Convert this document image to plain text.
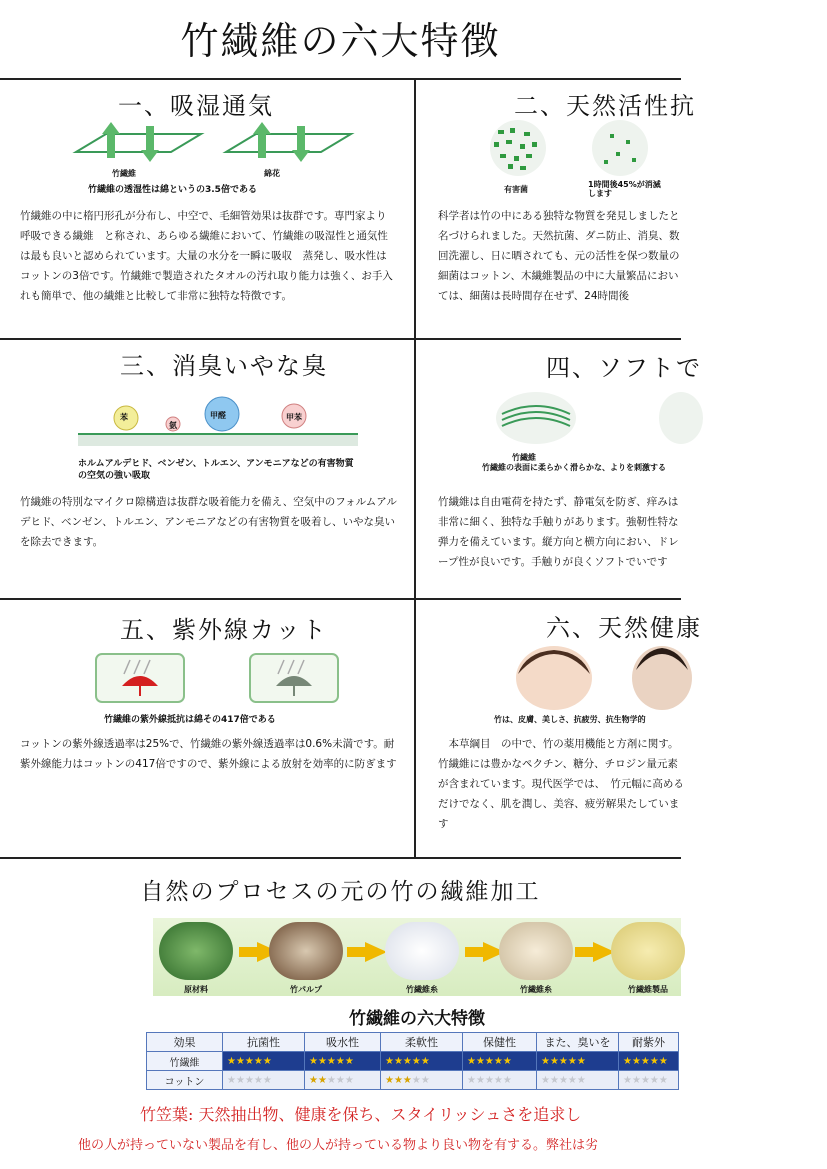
竹繊維の六大特徴
一、吸湿通気
竹繊維	綿花
竹繊維の透湿性は綿というの3.5倍である
竹繊維の中に楕円形孔が分布し、中空で、毛細管効果は抜群です。専門家より　呼吸できる繊維　と称され、あらゆる繊維において、竹繊維の吸湿性と通気性は最も良いと認められています。大量の水分を一瞬に吸収　蒸発し、吸水性はコットンの3倍です。竹繊維で製造されたタオルの汚れ取り能力は強く、お手入れも簡単で、他の繊維と比較して非常に独特な特徴です。
二、天然活性抗
有害菌
1時間後45%が消滅します
科学者は竹の中にある独特な物質を発見しましたと名づけられました。天然抗菌、ダニ防止、消臭、数回洗濯し、日に晒されても、元の活性を保つ数量の細菌はコットン、木繊維製品の中に大量繁品においては、細菌は長時間存在せず、24時間後
三、消臭いやな臭
苯
氨
甲醛	甲苯
ホルムアルデヒド、ベンゼン、トルエン、アンモニアなどの有害物質の空気の強い吸取
竹繊維の特別なマイクロ隙構造は抜群な吸着能力を備え、空気中のフォルムアルデヒド、ベンゼン、トルエン、アンモニアなどの有害物質を吸着し、いやな臭いを除去できます。
四、ソフトで
竹繊維
竹繊維の表面に柔らかく滑らかな、よりを刺激する
竹繊維は自由電荷を持たず、静電気を防ぎ、痒みは非常に細く、独特な手触りがあります。強靭性特な弾力を備えています。縦方向と横方向におい、ドレープ性が良いです。手触りが良くソフトでいです
五、紫外線カット
竹繊維の紫外線抵抗は綿その417倍である
コットンの紫外線透過率は25%で、竹繊維の紫外線透過率は0.6%未満です。耐紫外線能力はコットンの417倍ですので、紫外線による放射を効率的に防ぎます
六、天然健康
竹は、皮膚、美しさ、抗疲労、抗生物学的
　本草綱目　の中で、竹の薬用機能と方剤に関す。竹繊維には豊かなペクチン、糖分、チロジン量元素が含まれています。現代医学では、　竹元幅に高めるだけでなく、肌を潤し、美容、疲労解果たしています
自然のプロセスの元の竹の繊維加工
原材料	竹パルプ	竹繊維糸	竹繊維糸	竹繊維製品
竹繊維の六大特徴
効果	抗菌性	吸水性	柔軟性	保健性	また、臭いを	耐紫外
竹繊維	★★★★★	★★★★★	★★★★★	★★★★★	★★★★★	★★★★★
コットン	★★★★★	★★★★★	★★★★★	★★★★★	★★★★★	★★★★★
竹笠葉: 天然抽出物、健康を保ち、スタイリッシュさを追求し
他の人が持っていない製品を有し、他の人が持っている物より良い物を有する。弊社は劣
